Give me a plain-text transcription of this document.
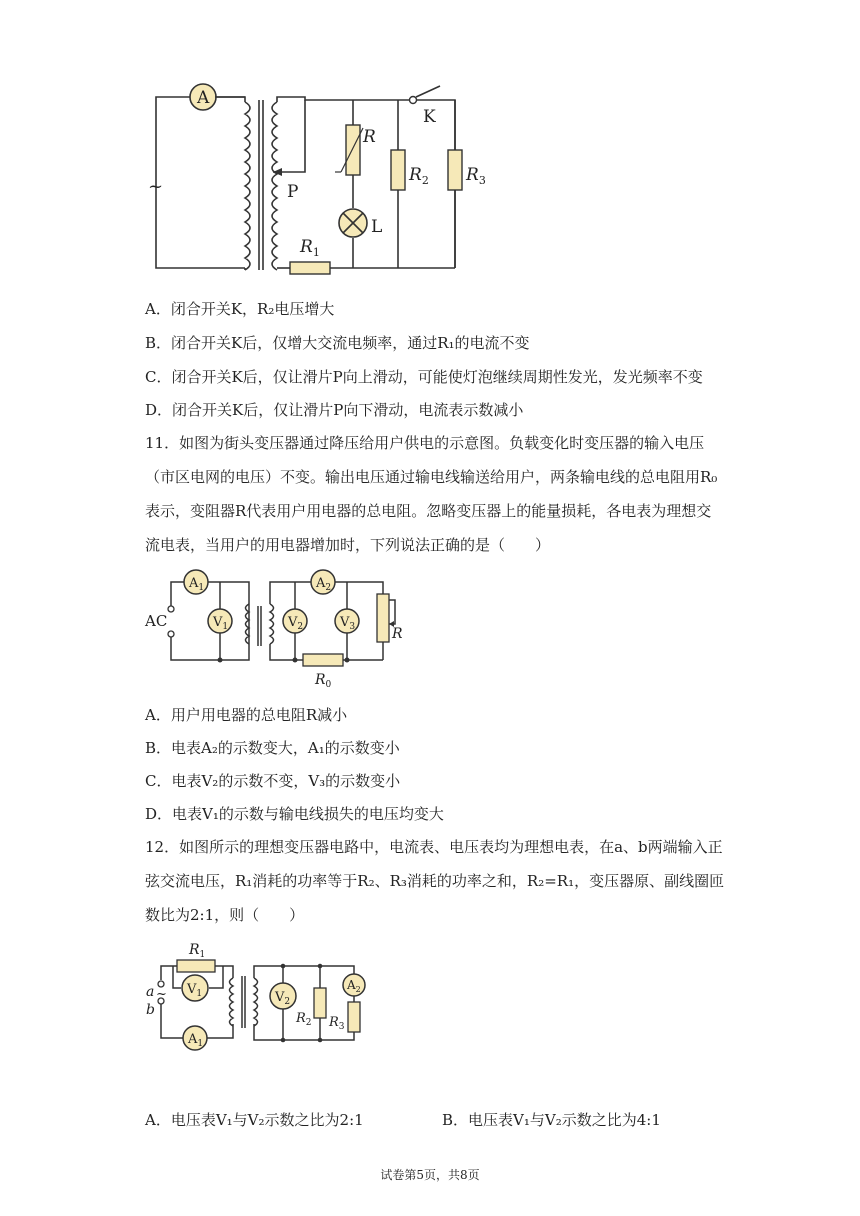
A
~	P
K
L
R
$R_1$
$R_2$ $R_3$
A．闭合开关K，R₂电压增大
B．闭合开关K后，仅增大交流电频率，通过R₁的电流不变
C．闭合开关K后，仅让滑片P向上滑动，可能使灯泡继续周期性发光，发光频率不变
D．闭合开关K后，仅让滑片P向下滑动，电流表示数减小
11．如图为街头变压器通过降压给用户供电的示意图。负载变化时变压器的输入电压（市区电网的电压）不变。输出电压通过输电线输送给用户，两条输电线的总电阻用R₀表示，变阻器R代表用户用电器的总电阻。忽略变压器上的能量损耗，各电表为理想交流电表，当用户的用电器增加时，下列说法正确的是（　　）
$A_1$
$V_1$
$A_2$
$V_2$	$V_3$
AC
R
$R_0$
A．用户用电器的总电阻R减小
B．电表A₂的示数变大，A₁的示数变小
C．电表V₂的示数不变，V₃的示数变小
D．电表V₁的示数与输电线损失的电压均变大
12．如图所示的理想变压器电路中，电流表、电压表均为理想电表，在a、b两端输入正弦交流电压，R₁消耗的功率等于R₂、R₃消耗的功率之和，R₂=R₁，变压器原、副线圈匝数比为2:1，则（　　）
$R_1$
$V_1$
$A_1$
$V_2$
$A_2$
$R_2$ $R_3$
a
b
~
A．电压表V₁与V₂示数之比为2:1	B．电压表V₁与V₂示数之比为4:1
试卷第5页，共8页
